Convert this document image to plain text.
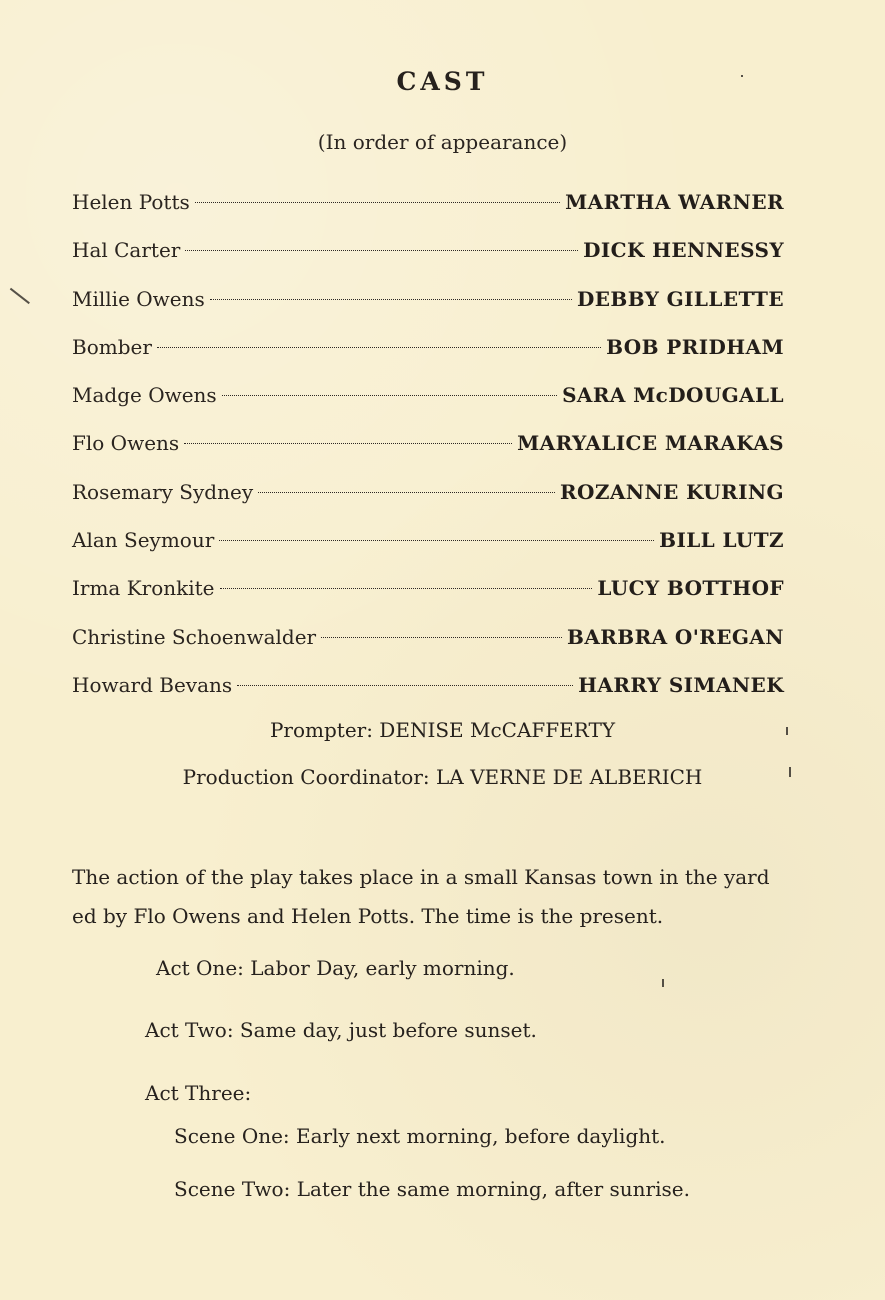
CAST
(In order of appearance)
Helen Potts	MARTHA WARNER
Hal Carter	DICK HENNESSY
Millie Owens	DEBBY GILLETTE
Bomber	BOB PRIDHAM
Madge Owens	SARA McDOUGALL
Flo Owens	MARYALICE MARAKAS
Rosemary Sydney	ROZANNE KURING
Alan Seymour	BILL LUTZ
Irma Kronkite	LUCY BOTTHOF
Christine Schoenwalder	BARBRA O'REGAN
Howard Bevans	HARRY SIMANEK
Prompter: DENISE McCAFFERTY
Production Coordinator: LA VERNE DE ALBERICH
The action of the play takes place in a small Kansas town in the yard ed by Flo Owens and Helen Potts. The time is the present.
Act One: Labor Day, early morning.
Act Two: Same day, just before sunset.
Act Three:
Scene One: Early next morning, before daylight.
Scene Two: Later the same morning, after sunrise.
